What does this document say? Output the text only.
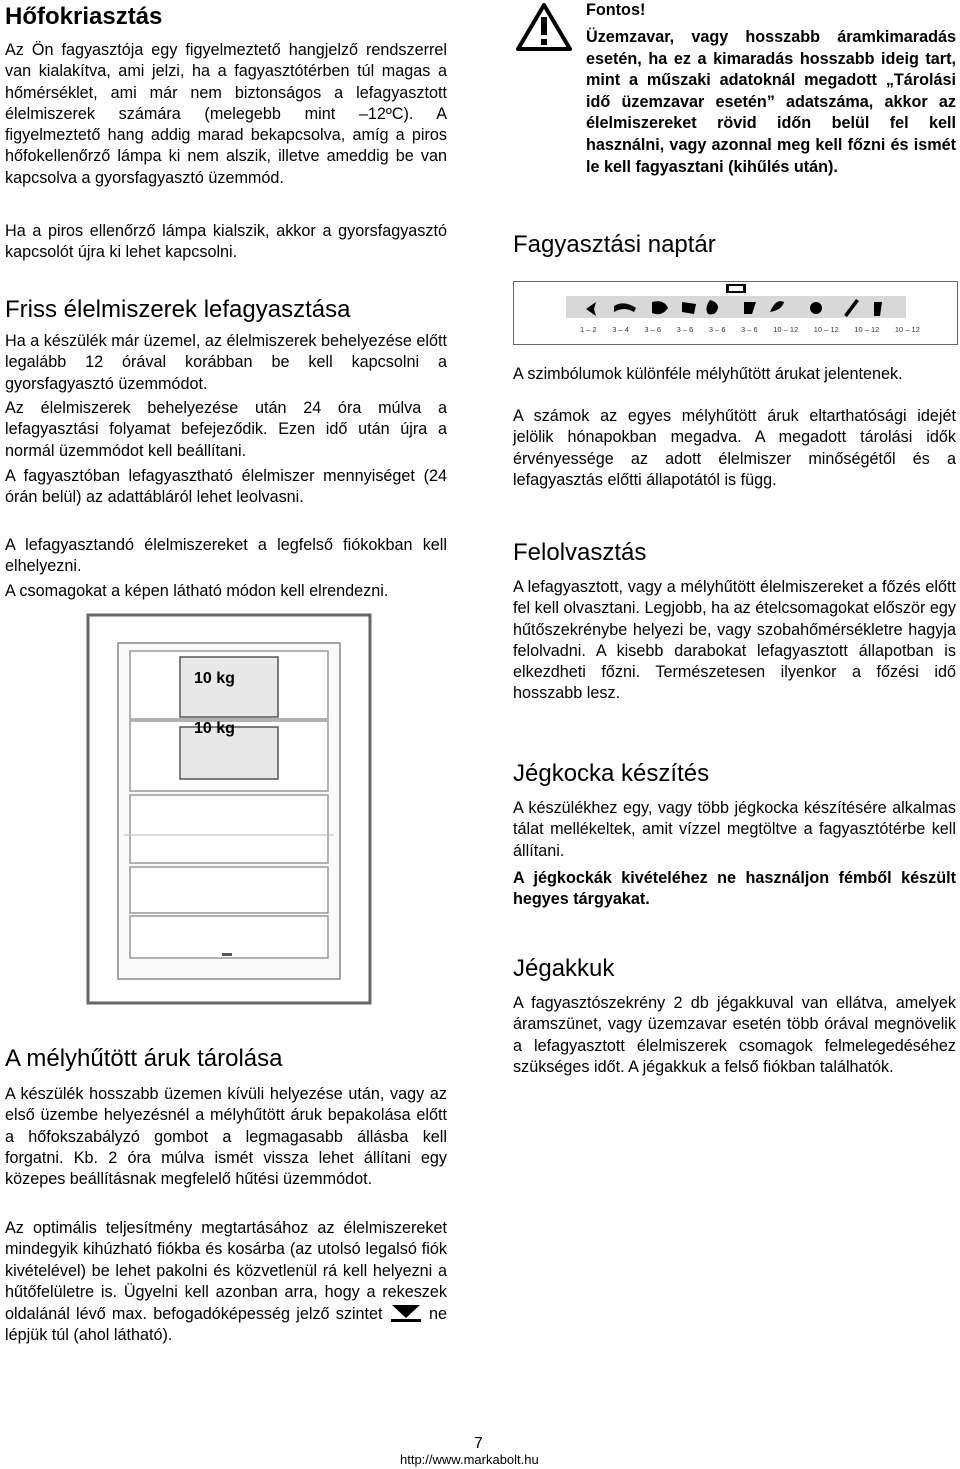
Hőfokriasztás

Az Ön fagyasztója egy figyelmeztető hangjelző rendszerrel van kialakítva, ami jelzi, ha a fagyasztótérben túl magas a hőmérséklet, ami már nem biztonságos a lefagyasztott élelmiszerek számára (melegebb mint –12ºC). A figyelmeztető hang addig marad bekapcsolva, amíg a piros hőfokellenőrző lámpa ki nem alszik, illetve ameddig be van kapcsolva a gyorsfagyasztó üzemmód.

Ha a piros ellenőrző lámpa kialszik, akkor a gyorsfagyasztó kapcsolót újra ki lehet kapcsolni.

Friss élelmiszerek lefagyasztása

Ha a készülék már üzemel, az élelmiszerek behelyezése előtt legalább 12 órával korábban be kell kapcsolni a gyorsfagyasztó üzemmódot.

Az élelmiszerek behelyezése után 24 óra múlva a lefagyasztási folyamat befejeződik. Ezen idő után újra a normál üzemmódot kell beállítani.

A fagyasztóban lefagyasztható élelmiszer mennyiséget (24 órán belül) az adattábláról lehet leolvasni.

A lefagyasztandó élelmiszereket a legfelső fiókokban kell elhelyezni.

A csomagokat a képen látható módon kell elrendezni.

10 kg
10 kg
A mélyhűtött áruk tárolása

A készülék hosszabb üzemen kívüli helyezése után, vagy az első üzembe helyezésnél a mélyhűtött áruk bepakolása előtt a hőfokszabályzó gombot a legmagasabb állásba kell forgatni. Kb. 2 óra múlva ismét vissza lehet állítani egy közepes beállításnak megfelelő hűtési üzemmódot.

Az optimális teljesítmény megtartásához az élelmiszereket mindegyik kihúzható fiókba és kosárba (az utolsó legalsó fiók kivételével) be lehet pakolni és közvetlenül rá kell helyezni a hűtőfelületre is. Ügyelni kell azonban arra, hogy a rekeszek oldalánál lévő max. befogadóképesség jelző szintet	ne lépjük túl (ahol látható).

Fontos!

Üzemzavar, vagy hosszabb áramkimaradás esetén, ha ez a kimaradás hosszabb ideig tart, mint a műszaki adatoknál megadott „Tárolási idő üzemzavar esetén” adatszáma, akkor az élelmiszereket rövid időn belül fel kell használni, vagy azonnal meg kell főzni és ismét le kell fagyasztani (kihűlés után).

Fagyasztási naptár
1 – 2 3 – 4 3 – 6 3 – 6 3 – 6 3 – 6 10 – 12 10 – 12 10 – 12 10 – 12

A szimbólumok különféle mélyhűtött árukat jelentenek.

A számok az egyes mélyhűtött áruk eltarthatósági idejét jelölik hónapokban megadva. A megadott tárolási idők érvényessége az adott élelmiszer minőségétől és a lefagyasztás előtti állapotától is függ.

Felolvasztás

A lefagyasztott, vagy a mélyhűtött élelmiszereket a főzés előtt fel kell olvasztani. Legjobb, ha az ételcsomagokat először egy hűtőszekrénybe helyezi be, vagy szobahőmérsékletre hagyja felolvadni. A kisebb darabokat lefagyasztott állapotban is elkezdheti főzni. Természetesen ilyenkor a főzési idő hosszabb lesz.

Jégkocka készítés

A készülékhez egy, vagy több jégkocka készítésére alkalmas tálat mellékeltek, amit vízzel megtöltve a fagyasztótérbe kell állítani.

A jégkockák kivételéhez ne használjon fémből készült hegyes tárgyakat.

Jégakkuk

A fagyasztószekrény 2 db jégakkuval van ellátva, amelyek áramszünet, vagy üzemzavar esetén több órával megnövelik a lefagyasztott élelmiszerek csomagok felmelegedéséhez szükséges időt. A jégakkuk a felső fiókban találhatók.

7
http://www.markabolt.hu
